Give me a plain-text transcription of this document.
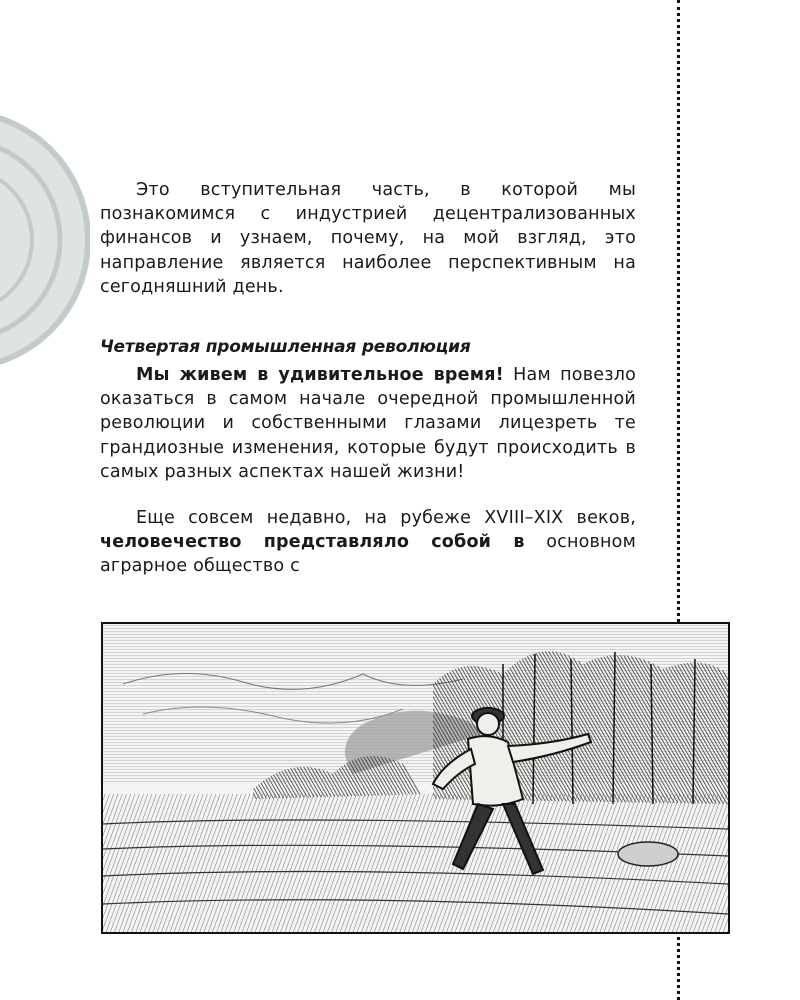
Это вступительная часть, в которой мы познакомимся с индустрией децентрализованных финансов и узнаем, почему, на мой взгляд, это направление является наиболее перспективным на сегодняшний день.

Четвертая промышленная революция

Мы живем в удивительное время! Нам повезло оказаться в самом начале очередной промышленной революции и собственными глазами лицезреть те грандиозные изменения, которые будут происходить в самых разных аспектах нашей жизни!

Еще совсем недавно, на рубеже XVIII–XIX веков, человечество представляло собой в основном аграрное общество с
